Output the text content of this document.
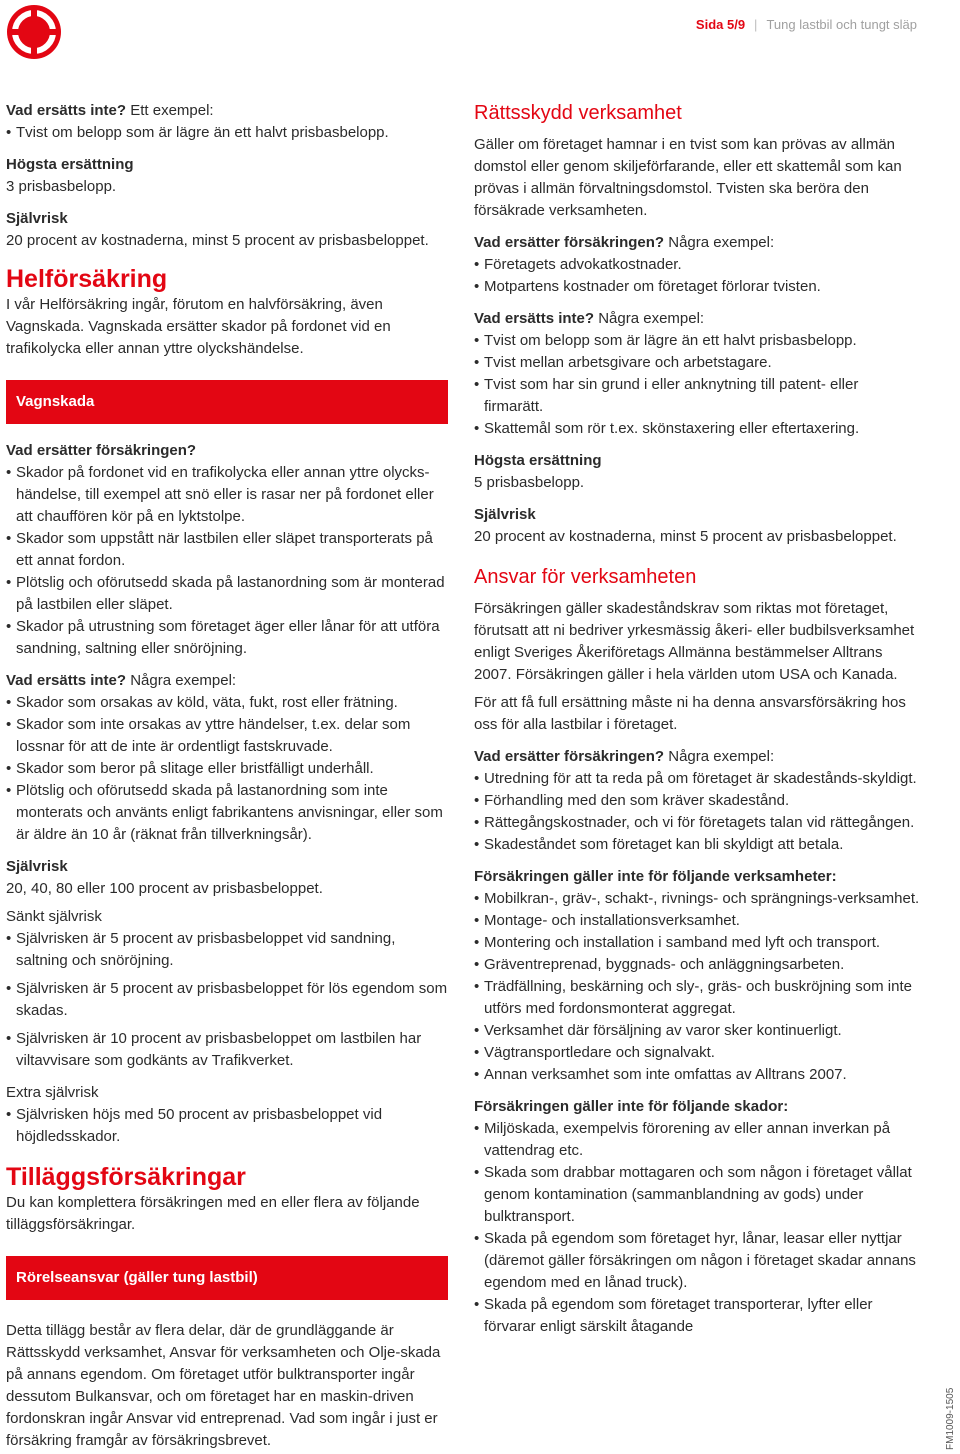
Sida 5/9 | Tung lastbil och tungt släp

Vad ersätts inte? Ett exempel:

• Tvist om belopp som är lägre än ett halvt prisbasbelopp.

Högsta ersättning

3 prisbasbelopp.

Självrisk

20 procent av kostnaderna, minst 5 procent av prisbasbeloppet.

Helförsäkring

I vår Helförsäkring ingår, förutom en halvförsäkring, även Vagnskada. Vagnskada ersätter skador på fordonet vid en trafikolycka eller annan yttre olyckshändelse.

Vagnskada

Vad ersätter försäkringen?

• Skador på fordonet vid en trafikolycka eller annan yttre olycks-händelse, till exempel att snö eller is rasar ner på fordonet eller att chauffören kör på en lyktstolpe.
• Skador som uppstått när lastbilen eller släpet transporterats på ett annat fordon.
• Plötslig och oförutsedd skada på lastanordning som är monterad på lastbilen eller släpet.
• Skador på utrustning som företaget äger eller lånar för att utföra sandning, saltning eller snöröjning.

Vad ersätts inte? Några exempel:

• Skador som orsakas av köld, väta, fukt, rost eller frätning.
• Skador som inte orsakas av yttre händelser, t.ex. delar som lossnar för att de inte är ordentligt fastskruvade.
• Skador som beror på slitage eller bristfälligt underhåll.
• Plötslig och oförutsedd skada på lastanordning som inte monterats och använts enligt fabrikantens anvisningar, eller som är äldre än 10 år (räknat från tillverkningsår).

Självrisk

20, 40, 80 eller 100 procent av prisbasbeloppet.

Sänkt självrisk

• Självrisken är 5 procent av prisbasbeloppet vid sandning, saltning och snöröjning.
• Självrisken är 5 procent av prisbasbeloppet för lös egendom som skadas.
• Självrisken är 10 procent av prisbasbeloppet om lastbilen har viltavvisare som godkänts av Trafikverket.

Extra självrisk

• Självrisken höjs med 50 procent av prisbasbeloppet vid höjdledsskador.
Tilläggsförsäkringar

Du kan komplettera försäkringen med en eller flera av följande tilläggsförsäkringar.

Rörelseansvar (gäller tung lastbil)

Detta tillägg består av flera delar, där de grundläggande är Rättsskydd verksamhet, Ansvar för verksamheten och Olje-skada på annans egendom. Om företaget utför bulktransporter ingår dessutom Bulkansvar, och om företaget har en maskin-driven fordonskran ingår Ansvar vid entreprenad. Vad som ingår i just er försäkring framgår av försäkringsbrevet.

Rättsskydd verksamhet

Gäller om företaget hamnar i en tvist som kan prövas av allmän domstol eller genom skiljeförfarande, eller ett skattemål som kan prövas i allmän förvaltningsdomstol. Tvisten ska beröra den försäkrade verksamheten.

Vad ersätter försäkringen? Några exempel:

• Företagets advokatkostnader.
• Motpartens kostnader om företaget förlorar tvisten.

Vad ersätts inte? Några exempel:

• Tvist om belopp som är lägre än ett halvt prisbasbelopp.
• Tvist mellan arbetsgivare och arbetstagare.
• Tvist som har sin grund i eller anknytning till patent- eller firmarätt.
• Skattemål som rör t.ex. skönstaxering eller eftertaxering.

Högsta ersättning

5 prisbasbelopp.

Självrisk

20 procent av kostnaderna, minst 5 procent av prisbasbeloppet.

Ansvar för verksamheten

Försäkringen gäller skadeståndskrav som riktas mot företaget, förutsatt att ni bedriver yrkesmässig åkeri- eller budbilsverksamhet enligt Sveriges Åkeriföretags Allmänna bestämmelser Alltrans 2007. Försäkringen gäller i hela världen utom USA och Kanada.

För att få full ersättning måste ni ha denna ansvarsförsäkring hos oss för alla lastbilar i företaget.

Vad ersätter försäkringen? Några exempel:

• Utredning för att ta reda på om företaget är skadestånds-skyldigt.
• Förhandling med den som kräver skadestånd.
• Rättegångskostnader, och vi för företagets talan vid rättegången.
• Skadeståndet som företaget kan bli skyldigt att betala.

Försäkringen gäller inte för följande verksamheter:

• Mobilkran-, gräv-, schakt-, rivnings- och sprängnings-verksamhet.
• Montage- och installationsverksamhet.
• Montering och installation i samband med lyft och transport.
• Gräventreprenad, byggnads- och anläggningsarbeten.
• Trädfällning, beskärning och sly-, gräs- och buskröjning som inte utförs med fordonsmonterat aggregat.
• Verksamhet där försäljning av varor sker kontinuerligt.
• Vägtransportledare och signalvakt.
• Annan verksamhet som inte omfattas av Alltrans 2007.

Försäkringen gäller inte för följande skador:

• Miljöskada, exempelvis förorening av eller annan inverkan på vattendrag etc.
• Skada som drabbar mottagaren och som någon i företaget vållat genom kontamination (sammanblandning av gods) under bulktransport.
• Skada på egendom som företaget hyr, lånar, leasar eller nyttjar (däremot gäller försäkringen om någon i företaget skadar annans egendom med en lånad truck).
• Skada på egendom som företaget transporterar, lyfter eller förvarar enligt särskilt åtagande
FM1009-1505
